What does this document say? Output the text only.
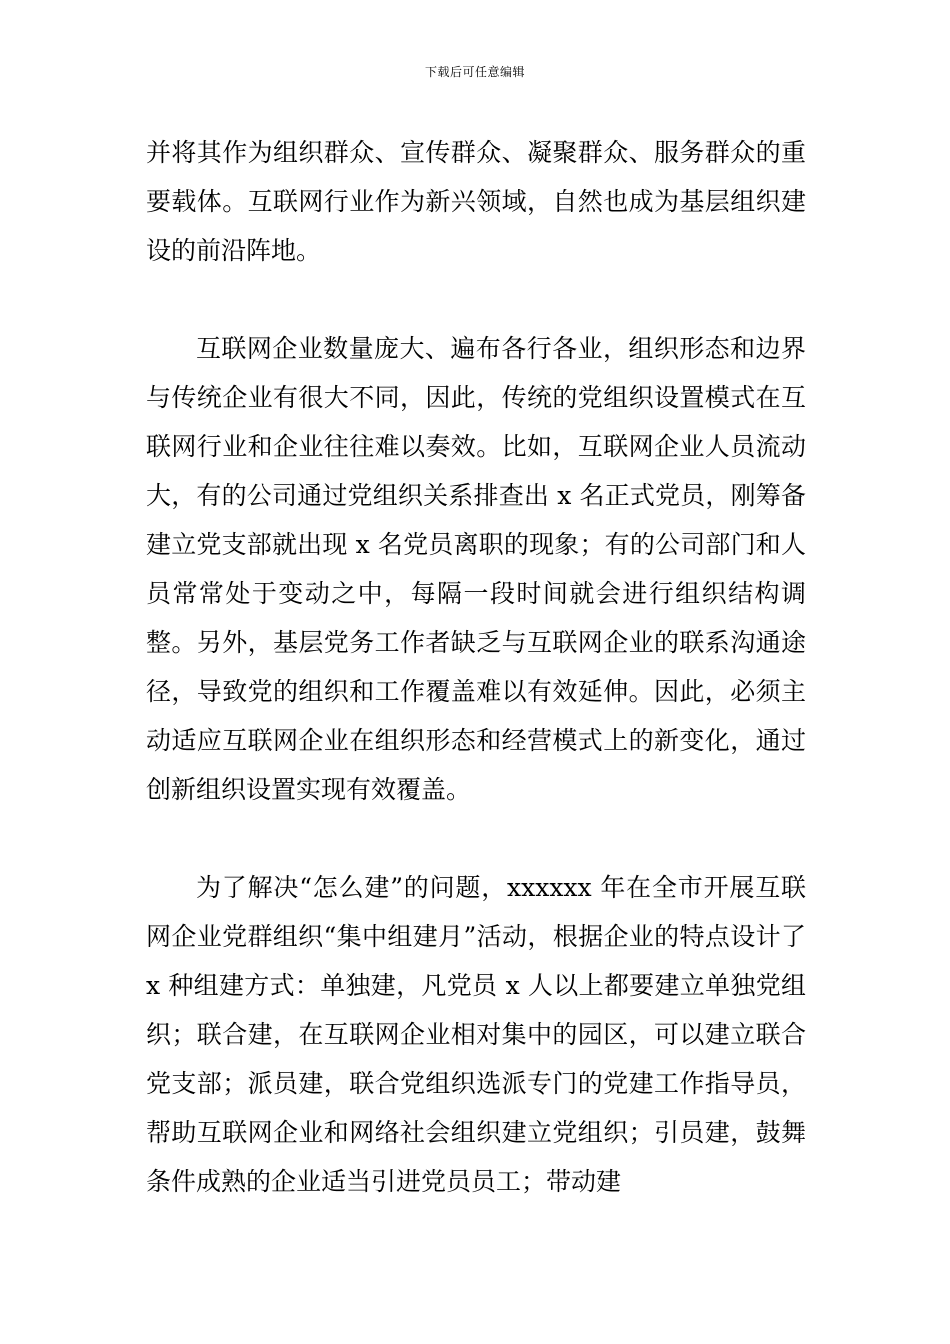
下载后可任意编辑

并将其作为组织群众、宣传群众、凝聚群众、服务群众的重要载体。互联网行业作为新兴领域，自然也成为基层组织建设的前沿阵地。

互联网企业数量庞大、遍布各行各业，组织形态和边界与传统企业有很大不同，因此，传统的党组织设置模式在互联网行业和企业往往难以奏效。比如，互联网企业人员流动大，有的公司通过党组织关系排查出 x 名正式党员，刚筹备建立党支部就出现 x 名党员离职的现象；有的公司部门和人员常常处于变动之中，每隔一段时间就会进行组织结构调整。另外，基层党务工作者缺乏与互联网企业的联系沟通途径，导致党的组织和工作覆盖难以有效延伸。因此，必须主动适应互联网企业在组织形态和经营模式上的新变化，通过创新组织设置实现有效覆盖。

为了解决“怎么建”的问题，xxxxxx 年在全市开展互联网企业党群组织“集中组建月”活动，根据企业的特点设计了 x 种组建方式：单独建，凡党员 x 人以上都要建立单独党组织；联合建，在互联网企业相对集中的园区，可以建立联合党支部；派员建，联合党组织选派专门的党建工作指导员，帮助互联网企业和网络社会组织建立党组织；引员建，鼓舞条件成熟的企业适当引进党员员工；带动建
